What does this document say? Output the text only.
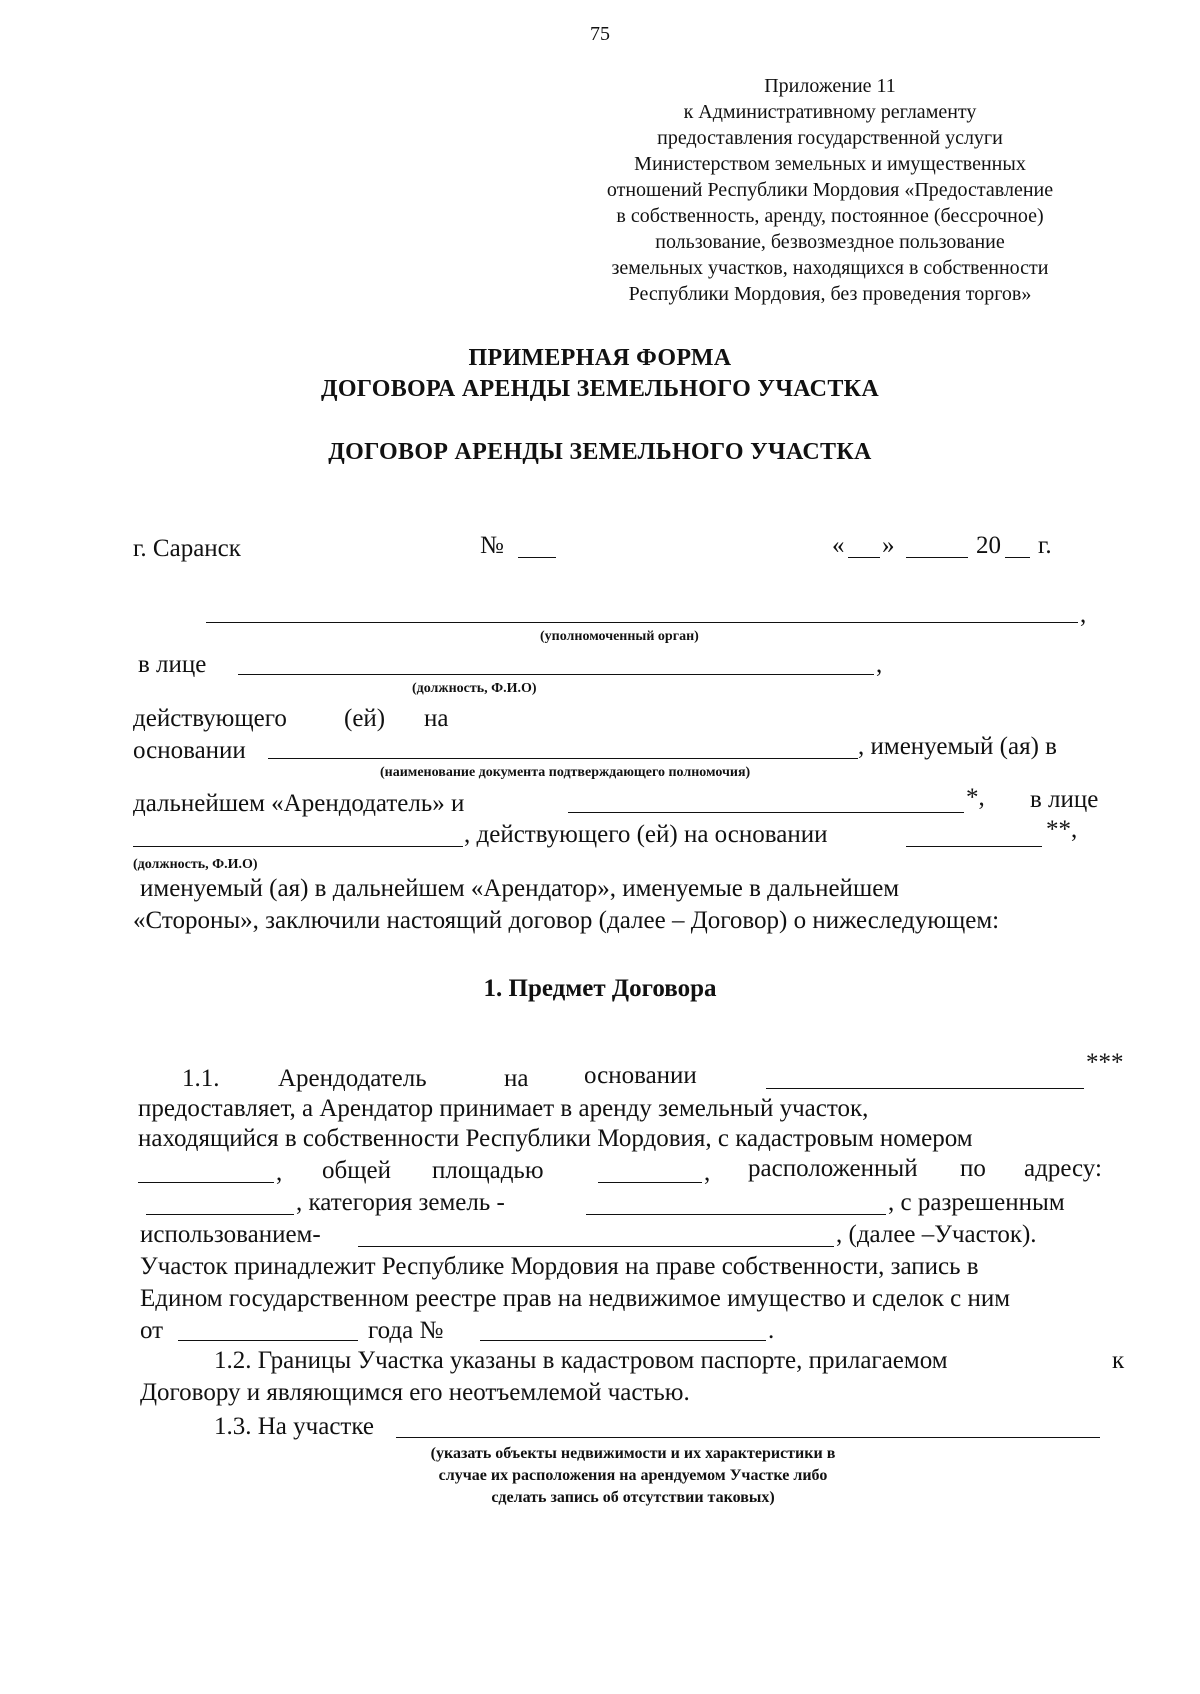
75
Приложение 11
к Административному регламенту
предоставления государственной услуги
Министерством земельных и имущественных
отношений Республики Мордовия «Предоставление
в собственность, аренду, постоянное (бессрочное)
пользование, безвозмездное пользование
земельных участков, находящихся в собственности
Республики Мордовия, без проведения торгов»
ПРИМЕРНАЯ ФОРМА
ДОГОВОРА АРЕНДЫ ЗЕМЕЛЬНОГО УЧАСТКА
ДОГОВОР АРЕНДЫ ЗЕМЕЛЬНОГО УЧАСТКА
г. Саранск	№	« »	20 г.
,
(уполномоченный орган)
в лице	,
(должность, Ф.И.О)
действующего (ей) на
основании	, именуемый (ая) в
(наименование документа подтверждающего полномочия)
дальнейшем «Арендодатель» и	*, в лице
, действующего (ей) на основании	**,
(должность, Ф.И.О)
именуемый (ая) в дальнейшем «Арендатор», именуемые в дальнейшем
«Стороны», заключили настоящий договор (далее – Договор) о нижеследующем:
1. Предмет Договора
1.1. Арендодатель	на основании	***
предоставляет, а Арендатор принимает в аренду земельный участок,
находящийся в собственности Республики Мордовия, с кадастровым номером
, общей площадью	, расположенный по адресу:
, категория земель -	, с разрешенным
использованием-	, (далее –Участок).
Участок принадлежит Республике Мордовия на праве собственности, запись в
Едином государственном реестре прав на недвижимое имущество и сделок с ним
от	года №	.
1.2. Границы Участка указаны в кадастровом паспорте, прилагаемом	к
Договору и являющимся его неотъемлемой частью.
1.3. На участке
(указать объекты недвижимости и их характеристики в
случае их расположения на арендуемом Участке либо
сделать запись об отсутствии таковых)
